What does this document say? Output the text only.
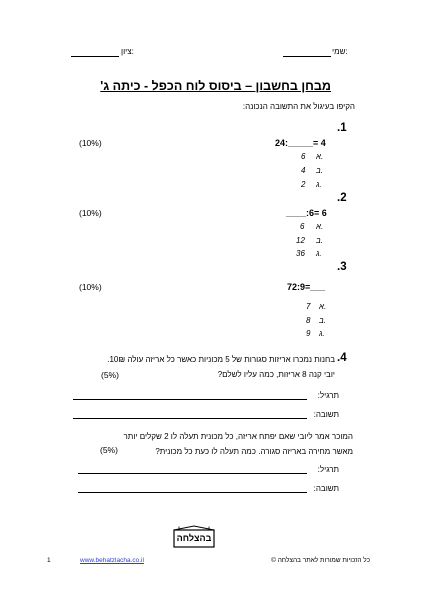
שמי:
ציון:
מבחן בחשבון – ביסוס לוח הכפל - כיתה ג'
הקיפו בעיגול את התשובה הנכונה:
.1
24:_____= 4
(10%)
6 א.
4 ב.
2 ג.
.2
____:6= 6
(10%)
6 א.
12 ב.
36 ג.
.3
72:9=___
(10%)
7 א.
8 ב.
9 ג.
.4
בחנות נמכרו אריזות סגורות של 5 מכוניות כאשר כל אריזה עולה 10₪.
יובי קנה 8 אריזות, כמה עליו לשלם?
(5%)
תרגיל:
תשובה:
המוכר אמר ליובי שאם יפתח אריזה, כל מכונית תעלה לו 2 שקלים יותר
מאשר מחירה באריזה סגורה. כמה תעלה לו כעת כל מכונית?
(5%)
תרגיל:
תשובה:
בהצלחה
1	www.behatzlacha.co.il	כל הזכויות שמורות לאתר בהצלחה ©
